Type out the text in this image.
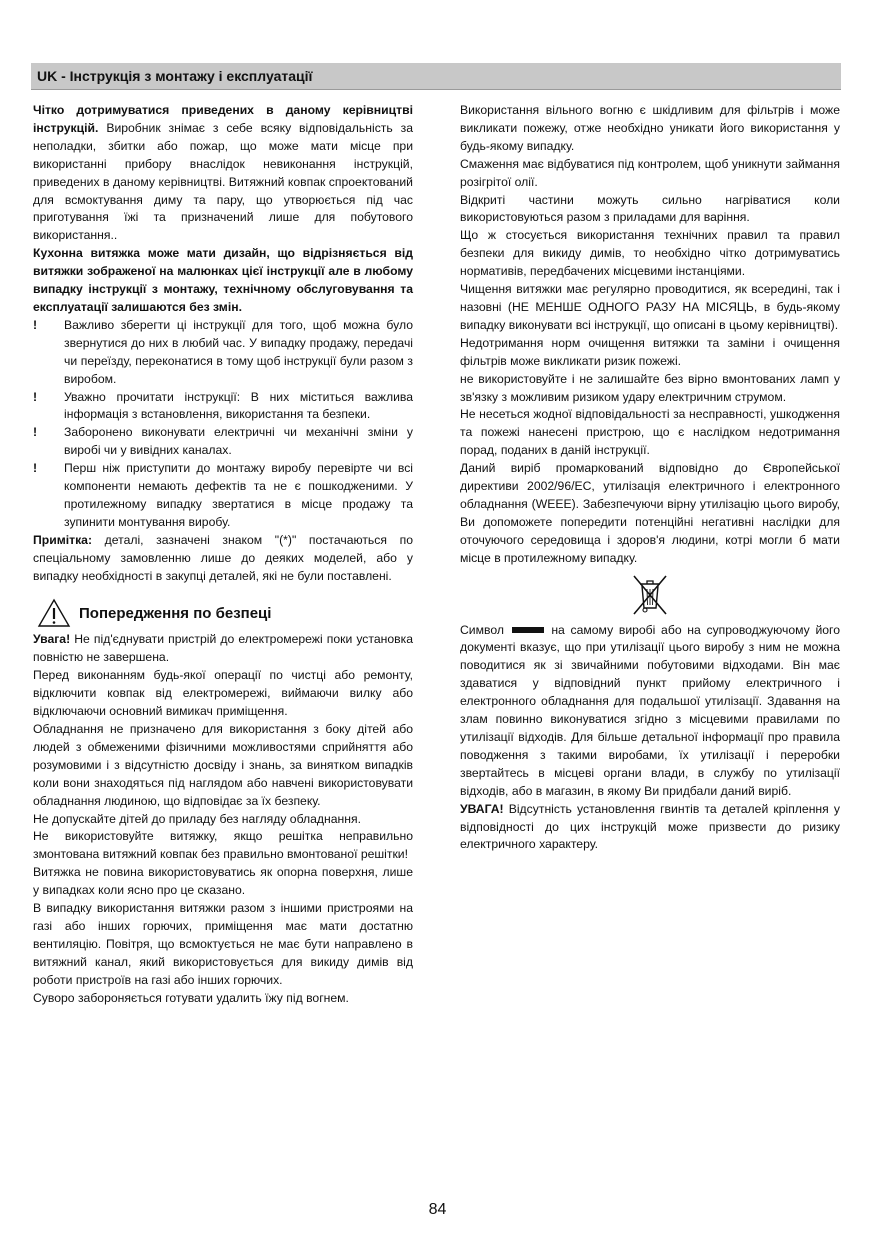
UK - Інструкція з монтажу і експлуатації

Чітко дотримуватися приведених в даному керівництві інструкцій. Виробник знімає з себе всяку відповідальність за неполадки, збитки або пожар, що може мати місце при використанні прибору внаслідок невиконання інструкцій, приведених в даному керівництві. Витяжний ковпак спроектований для всмоктування диму та пару, що утворюється під час приготування їжі та призначений лише для побутового використання..

Кухонна витяжка може мати дизайн, що відрізняється від витяжки зображеної на малюнках цієї інструкції але в любому випадку інструкції з монтажу, технічному обслуговування та експлуатації залишаются без змін.

!	Важливо зберегти ці інструкції для того, щоб можна було звернутися до них в любий час. У випадку продажу, передачі чи переїзду, переконатися в тому щоб інструкції були разом з виробом.

!	Уважно прочитати інструкції: В них міститься важлива інформація з встановлення, використання та безпеки.

!	Заборонено виконувати електричні чи механічні зміни у виробі чи у вивідних каналах.

!	Перш ніж приступити до монтажу виробу перевірте чи всі компоненти немають дефектів та не є пошкодженими. У протилежному випадку звертатися в місце продажу та зупинити монтування виробу.

Примітка: деталі, зазначені знаком "(*)" постачаються по спеціальному замовленню лише до деяких моделей, або у випадку необхідності в закупці деталей, які не були поставлені.

Попередження по безпеці

Увага! Не під'єднувати пристрій до електромережі поки установка повністю не завершена.

Перед виконанням будь-якої операції по чистці або ремонту, відключити ковпак від електромережі, виймаючи вилку або відключаючи основний вимикач приміщення.

Обладнання не призначено для використання з боку дітей або людей з обмеженими фізичними можливостями сприйняття або розумовими і з відсутністю досвіду і знань, за винятком випадків коли вони знаходяться під наглядом або навчені використовувати обладнання людиною, що відповідає за їх безпеку.

Не допускайте дітей до приладу без нагляду обладнання.

Не використовуйте витяжку, якщо решітка неправильно змонтована витяжний ковпак без правильно вмонтованої решітки!

Витяжка не повина використовуватись як опорна поверхня, лише у випадках коли ясно про це сказано.

В випадку використання витяжки разом з іншими пристроями на газі або інших горючих, приміщення має мати достатню вентиляцію. Повітря, що всмоктується не має бути направлено в витяжний канал, який використовується для викиду димів від роботи пристроїв на газі або інших горючих.

Суворо забороняється готувати удалить їжу під вогнем.

Використання вільного вогню є шкідливим для фільтрів і може викликати пожежу, отже необхідно уникати його використання у будь-якому випадку.

Смаження має відбуватися під контролем, щоб уникнути займання розігрітої олії.

Відкриті частини можуть сильно нагріватися коли використовуються разом з приладами для варіння.

Що ж стосується використання технічних правил та правил безпеки для викиду димів, то необхідно чітко дотримуватись нормативів, передбачених місцевими інстанціями.

Чищення витяжки має регулярно проводитися, як всередині, так і назовні (НЕ МЕНШЕ ОДНОГО РАЗУ НА МІСЯЦЬ, в будь-якому випадку виконувати всі інструкції, що описані в цьому керівництві).

Недотримання норм очищення витяжки та заміни і очищення фільтрів може викликати ризик пожежі.

не використовуйте і не залишайте без вірно вмонтованих ламп у зв'язку з можливим ризиком удару електричним струмом.

Не несеться жодної відповідальності за несправності, ушкодження та пожежі нанесені пристрою, що є наслідком недотримання порад, поданих в даній інструкції.

Даний виріб промаркований відповідно до Європейської директиви 2002/96/ЕС, утилізація електричного і електронного обладнання (WEEE). Забезпечуючи вірну утилізацію цього виробу, Ви допоможете попередити потенційні негативні наслідки для оточуючого середовища і здоров'я людини, котрі могли б мати місце в протилежному випадку.

Символ	на самому виробі або на супроводжуючому його документі вказує, що при утилізації цього виробу з ним не можна поводитися як зі звичайними побутовими відходами. Він має здаватися у відповідний пункт прийому електричного і електронного обладнання для подальшої утилізації. Здавання на злам повинно виконуватися згідно з місцевими правилами по утилізації відходів. Для більше детальної інформації про правила поводження з такими виробами, їх утилізації і переробки звертайтесь в місцеві органи влади, в службу по утилізації відходів, або в магазин, в якому Ви придбали даний виріб.

УВАГА! Відсутність установлення гвинтів та деталей кріплення у відповідності до цих інструкцій може призвести до ризику електричного характеру.

84
